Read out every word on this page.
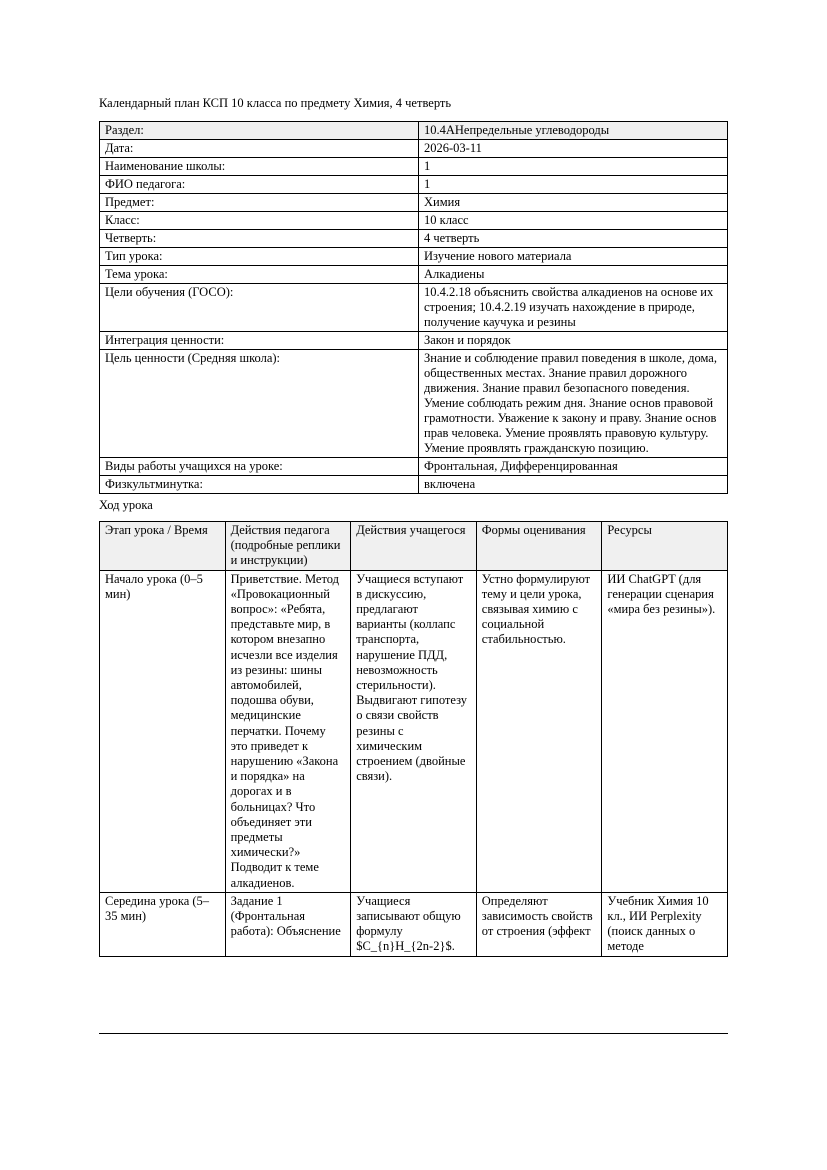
Календарный план КСП 10 класса по предмету Химия, 4 четверть

Раздел:	10.4АНепредельные углеводороды
Дата:	2026-03-11
Наименование школы:	1
ФИО педагога:	1
Предмет:	Химия
Класс:	10 класс
Четверть:	4 четверть
Тип урока:	Изучение нового материала
Тема урока:	Алкадиены
Цели обучения (ГОСО):	10.4.2.18 объяснить свойства алкадиенов на основе их строения; 10.4.2.19 изучать нахождение в природе, получение каучука и резины
Интеграция ценности:	Закон и порядок
Цель ценности (Средняя школа):	Знание и соблюдение правил поведения в школе, дома, общественных местах. Знание правил дорожного движения. Знание правил безопасного поведения. Умение соблюдать режим дня. Знание основ правовой грамотности. Уважение к закону и праву. Знание основ прав человека. Умение проявлять правовую культуру. Умение проявлять гражданскую позицию.
Виды работы учащихся на уроке:	Фронтальная, Дифференцированная
Физкультминутка:	включена

Ход урока

Этап урока / Время	Действия педагога (подробные реплики и инструкции)	Действия учащегося	Формы оценивания	Ресурсы
Начало урока (0–5 мин)	Приветствие. Метод «Провокационный вопрос»: «Ребята, представьте мир, в котором внезапно исчезли все изделия из резины: шины автомобилей, подошва обуви, медицинские перчатки. Почему это приведет к нарушению «Закона и порядка» на дорогах и в больницах? Что объединяет эти предметы химически?» Подводит к теме алкадиенов.	Учащиеся вступают в дискуссию, предлагают варианты (коллапс транспорта, нарушение ПДД, невозможность стерильности). Выдвигают гипотезу о связи свойств резины с химическим строением (двойные связи).	Устно формулируют тему и цели урока, связывая химию с социальной стабильностью.	ИИ ChatGPT (для генерации сценария «мира без резины»).
Середина урока (5–35 мин)	Задание 1 (Фронтальная работа): Объяснение	Учащиеся записывают общую формулу $C_{n}H_{2n-2}$.	Определяют зависимость свойств от строения (эффект	Учебник Химия 10 кл., ИИ Perplexity (поиск данных о методе
